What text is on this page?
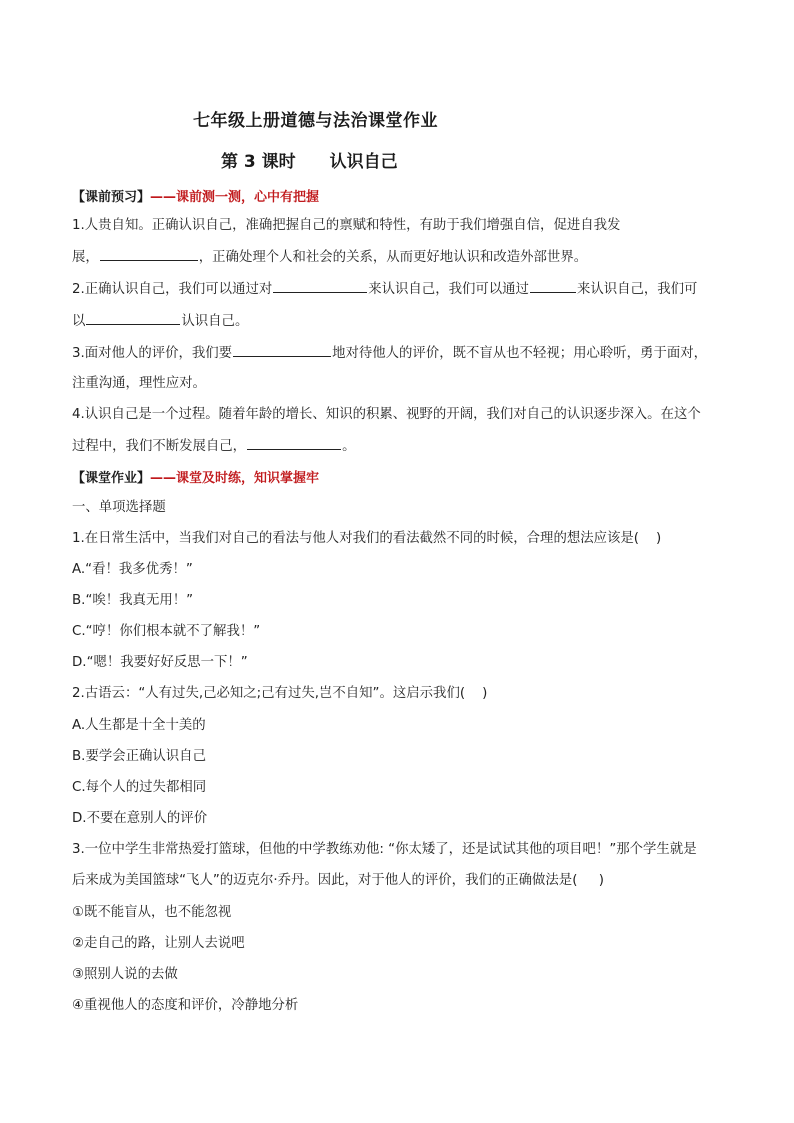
七年级上册道德与法治课堂作业
第 3 课时 认识自己
【课前预习】——课前测一测，心中有把握
1.人贵自知。正确认识自己，准确把握自己的禀赋和特性，有助于我们增强自信，促进自我发
展，	，正确处理个人和社会的关系，从而更好地认识和改造外部世界。
2.正确认识自己，我们可以通过对	来认识自己，我们可以通过	来认识自己，我们可
以	认识自己。
3.面对他人的评价，我们要	地对待他人的评价，既不盲从也不轻视；用心聆听，勇于面对，
注重沟通，理性应对。
4.认识自己是一个过程。随着年龄的增长、知识的积累、视野的开阔，我们对自己的认识逐步深入。在这个
过程中，我们不断发展自己，	。
【课堂作业】——课堂及时练，知识掌握牢
一、单项选择题
1.在日常生活中，当我们对自己的看法与他人对我们的看法截然不同的时候，合理的想法应该是(    )
A.“看！我多优秀！”
B.“唉！我真无用！”
C.“哼！你们根本就不了解我！”
D.“嗯！我要好好反思一下！”
2.古语云：“人有过失,己必知之;己有过失,岂不自知”。这启示我们(    )
A.人生都是十全十美的
B.要学会正确认识自己
C.每个人的过失都相同
D.不要在意别人的评价
3.一位中学生非常热爱打篮球，但他的中学教练劝他: “你太矮了，还是试试其他的项目吧！”那个学生就是
后来成为美国篮球“飞人”的迈克尔·乔丹。因此，对于他人的评价，我们的正确做法是(     )
①既不能盲从，也不能忽视
②走自己的路，让别人去说吧
③照别人说的去做
④重视他人的态度和评价，冷静地分析
